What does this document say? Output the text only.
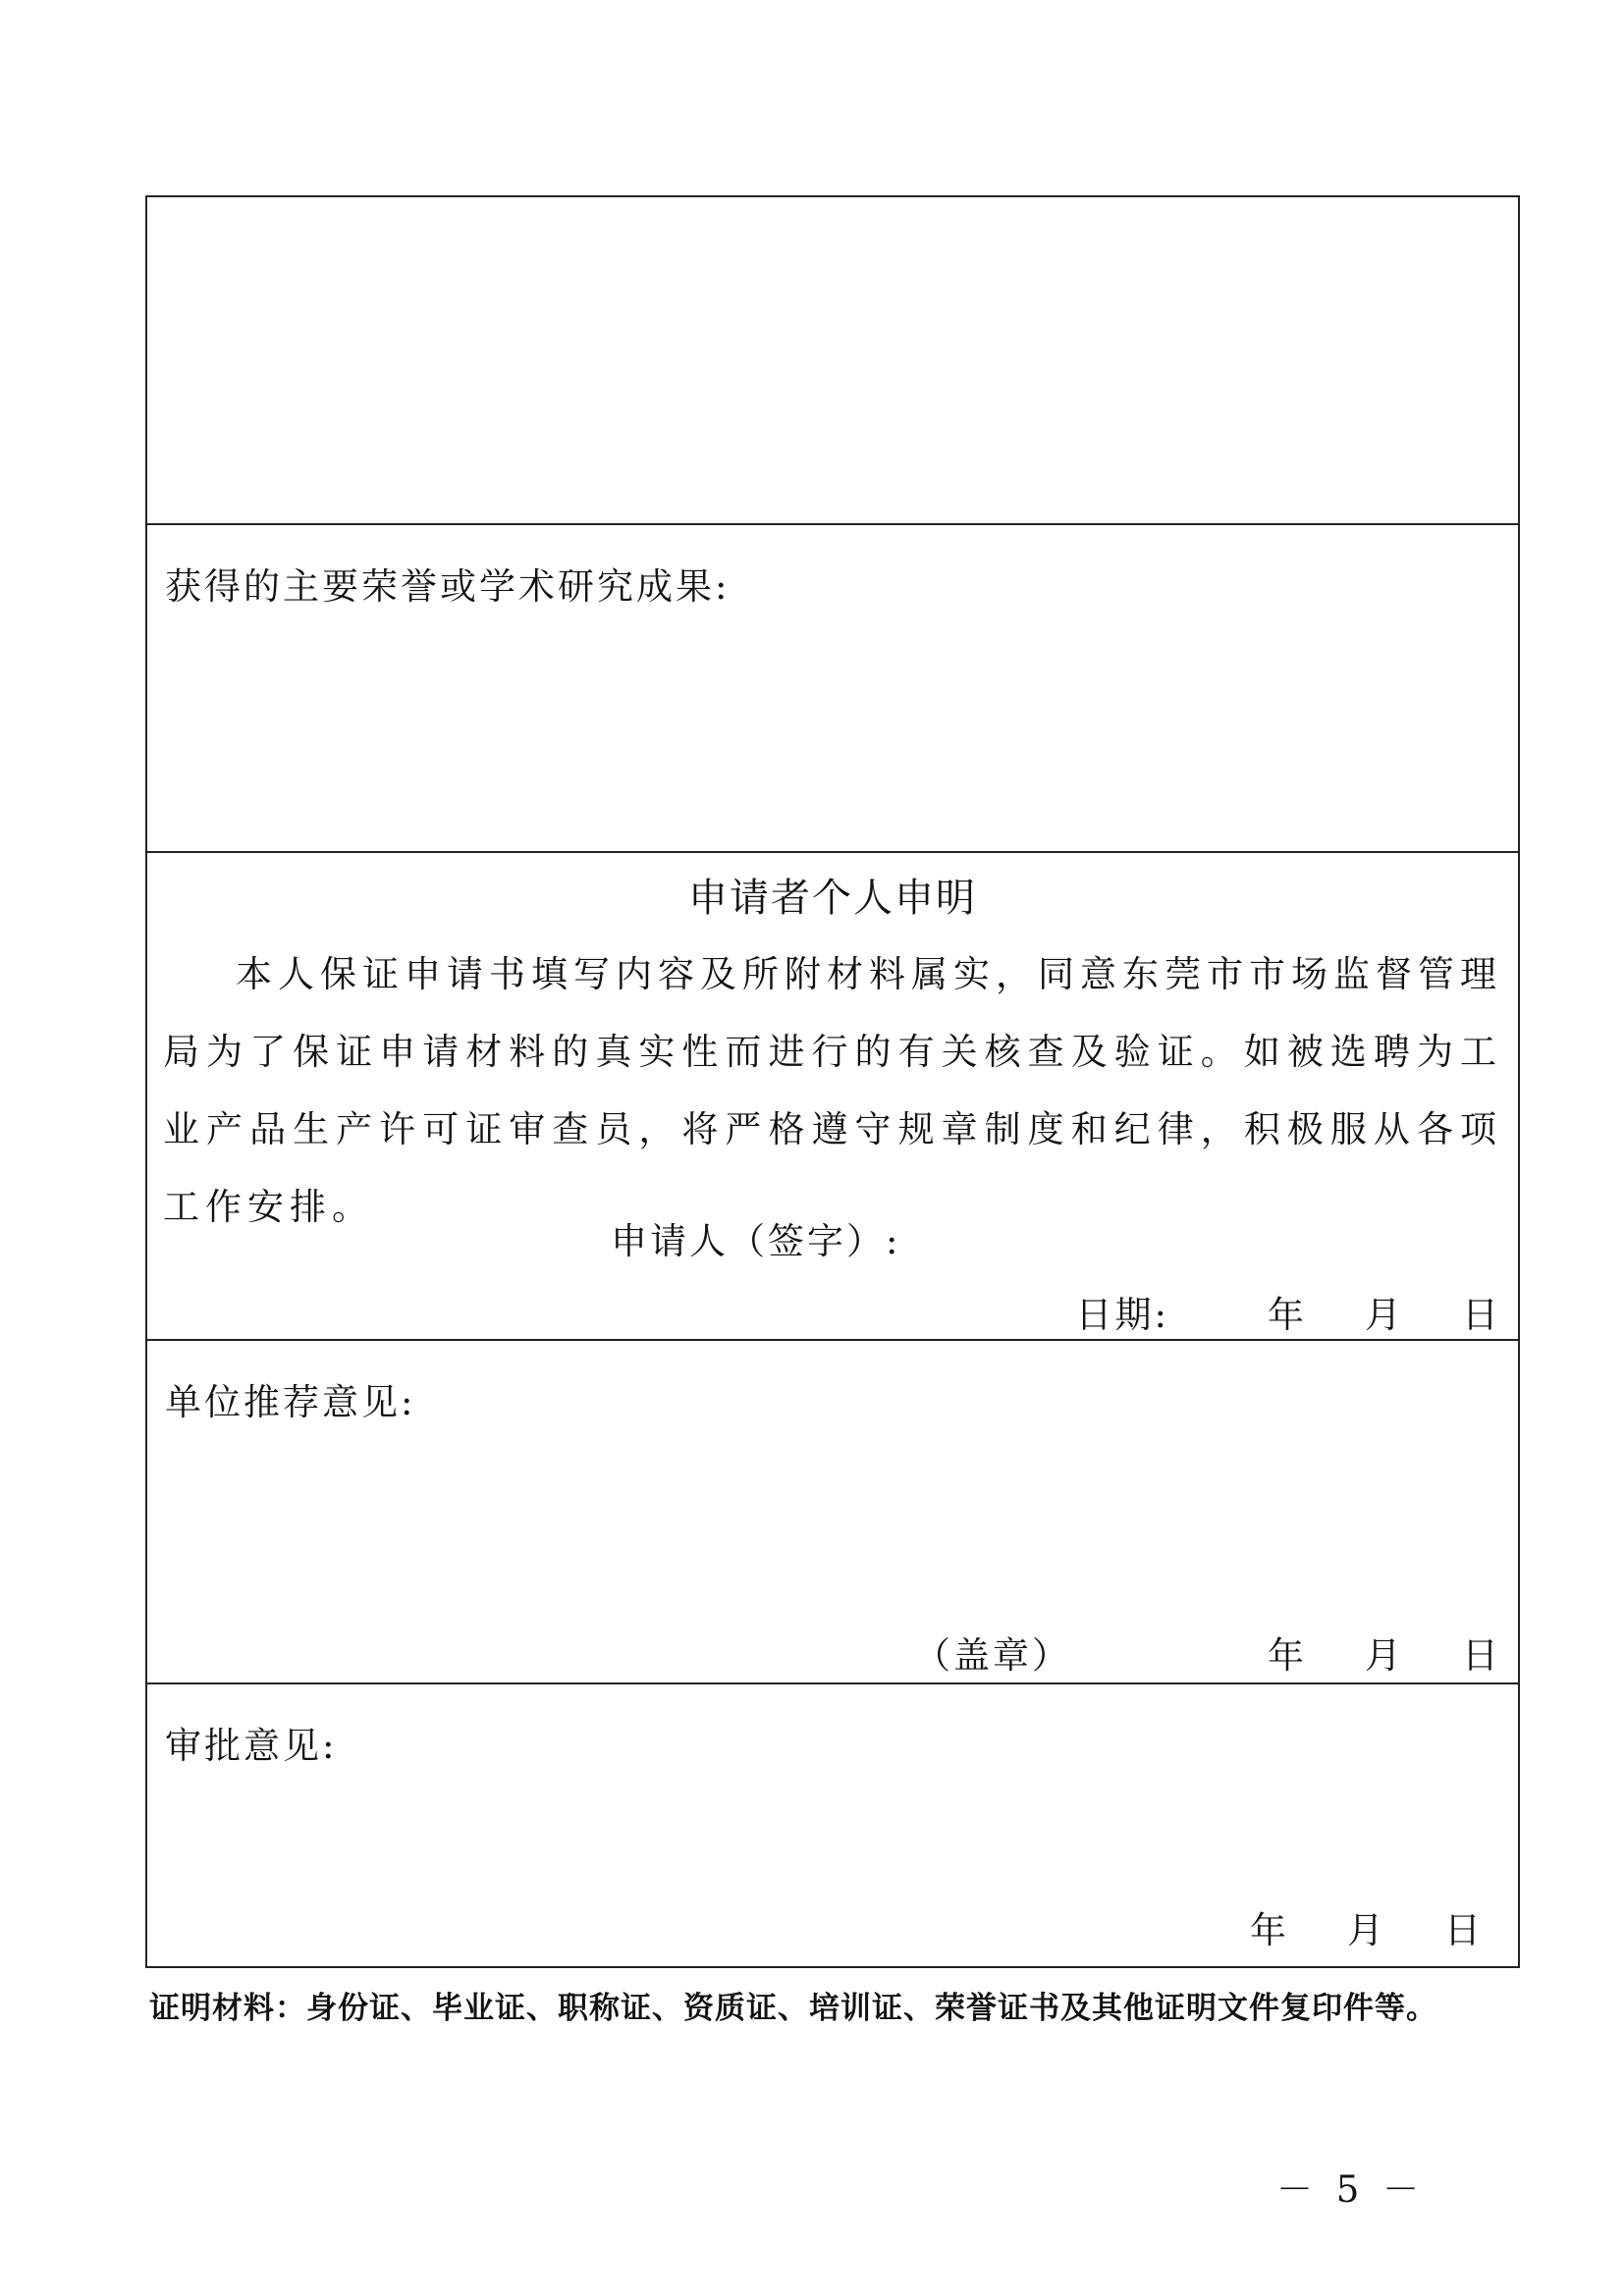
获得的主要荣誉或学术研究成果:
申请者个人申明

本人保证申请书填写内容及所附材料属实，同意东莞市市场监督管理局为了保证申请材料的真实性而进行的有关核查及验证。如被选聘为工业产品生产许可证审查员，将严格遵守规章制度和纪律，积极服从各项工作安排。

申请人（签字）:
日期:	年 月 日
单位推荐意见:
（盖章）	年 月 日
审批意见:
年 月 日
证明材料：身份证、毕业证、职称证、资质证、培训证、荣誉证书及其他证明文件复印件等。
－ 5 －
